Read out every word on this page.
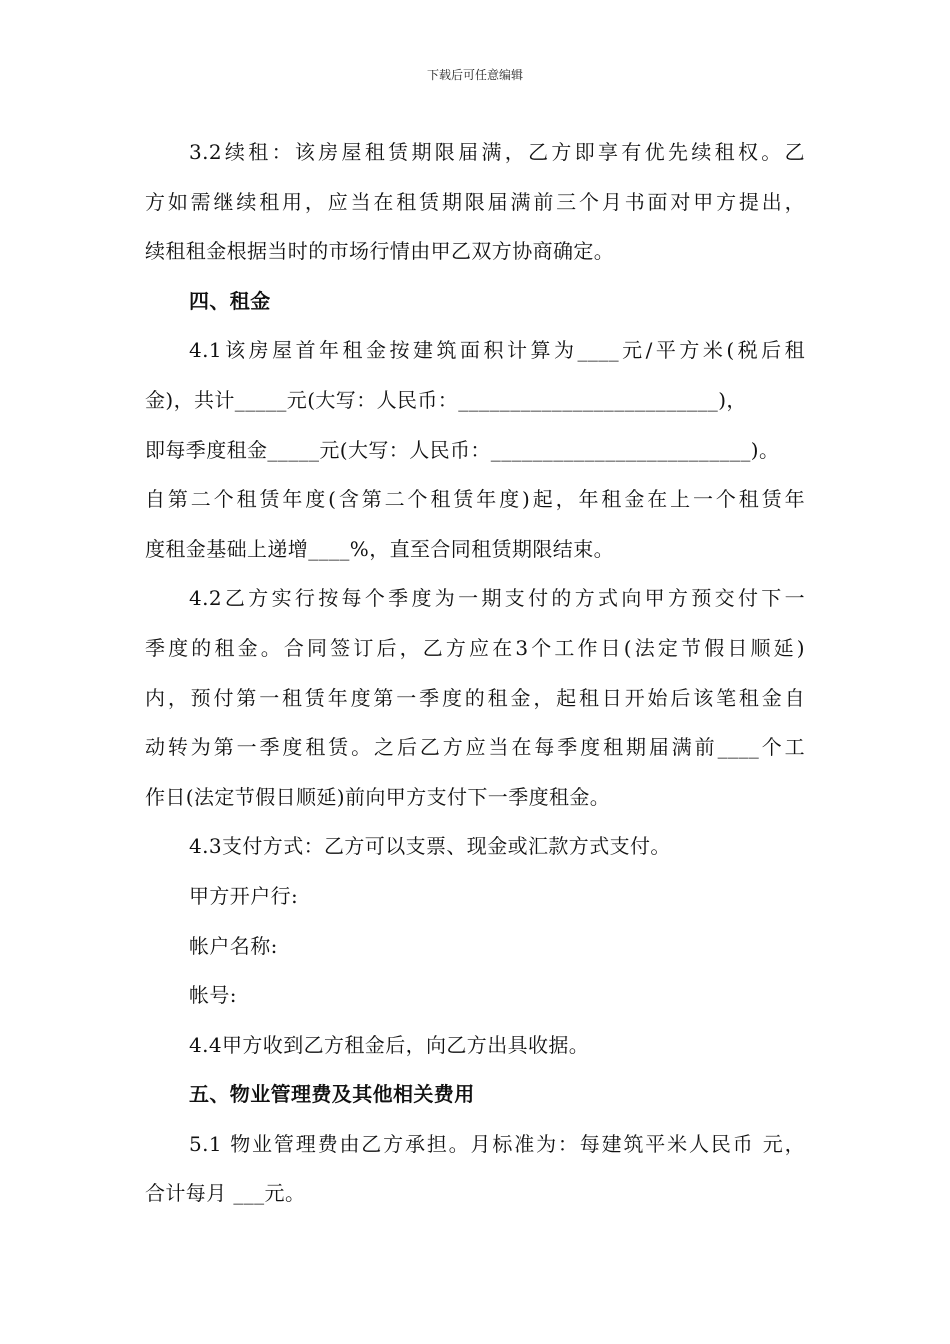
下载后可任意编辑
3.2续租：该房屋租赁期限届满，乙方即享有优先续租权。乙
方如需继续租用，应当在租赁期限届满前三个月书面对甲方提出，
续租租金根据当时的市场行情由甲乙双方协商确定。
四、租金
4.1该房屋首年租金按建筑面积计算为____元/平方米(税后租
金)，共计_____元(大写：人民币：_________________________)，
即每季度租金_____元(大写：人民币：_________________________)。
自第二个租赁年度(含第二个租赁年度)起，年租金在上一个租赁年
度租金基础上递增____%，直至合同租赁期限结束。
4.2乙方实行按每个季度为一期支付的方式向甲方预交付下一
季度的租金。合同签订后，乙方应在3个工作日(法定节假日顺延)
内，预付第一租赁年度第一季度的租金，起租日开始后该笔租金自
动转为第一季度租赁。之后乙方应当在每季度租期届满前____个工
作日(法定节假日顺延)前向甲方支付下一季度租金。
4.3支付方式：乙方可以支票、现金或汇款方式支付。
甲方开户行:
帐户名称:
帐号:
4.4甲方收到乙方租金后，向乙方出具收据。
五、物业管理费及其他相关费用
5.1 物业管理费由乙方承担。月标准为：每建筑平米人民币 元，
合计每月 ___元。
